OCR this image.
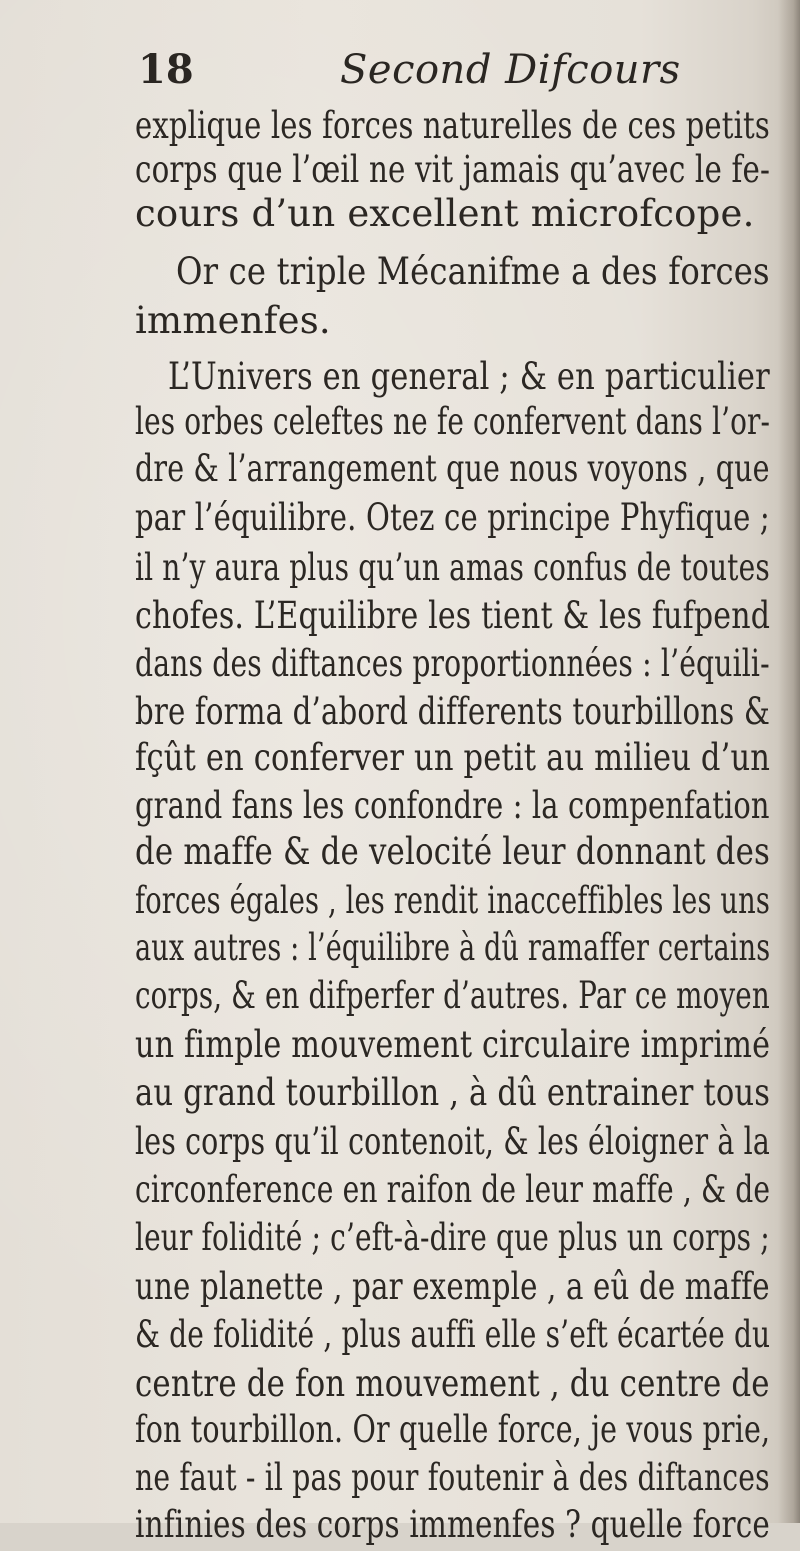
18	Second Difcours
explique les forces naturelles de ces petits
corps que l’œil ne vit jamais qu’avec le fe-
cours d’un excellent microfcope.
Or ce triple Mécanifme a des forces
immenfes.
L’Univers en general ; & en particulier
les orbes celeftes ne fe confervent dans l’or-
dre & l’arrangement que nous voyons , que
par l’équilibre. Otez ce principe Phyfique ;
il n’y aura plus qu’un amas confus de toutes
chofes. L’Equilibre les tient & les fufpend
dans des diftances proportionnées : l’équili-
bre forma d’abord differents tourbillons &
fçût en conferver un petit au milieu d’un
grand fans les confondre : la compenfation
de maffe & de velocité leur donnant des
forces égales , les rendit inacceffibles les uns
aux autres : l’équilibre à dû ramaffer certains
corps, & en difperfer d’autres. Par ce moyen
un fimple mouvement circulaire imprimé
au grand tourbillon , à dû entrainer tous
les corps qu’il contenoit, & les éloigner à la
circonference en raifon de leur maffe , & de
leur folidité ; c’eft-à-dire que plus un corps ;
une planette , par exemple , a eû de maffe
& de folidité , plus auffi elle s’eft écartée du
centre de fon mouvement , du centre de
fon tourbillon. Or quelle force, je vous prie,
ne faut - il pas pour foutenir à des diftances
infinies des corps immenfes ? quelle force
